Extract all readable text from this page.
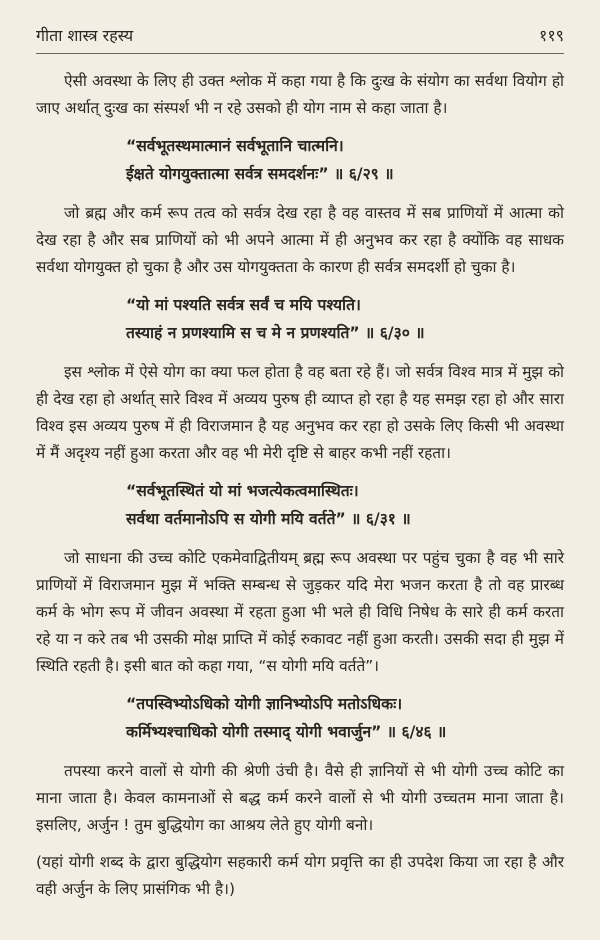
गीता शास्त्र रहस्य	११९

ऐसी अवस्था के लिए ही उक्त श्लोक में कहा गया है कि दुःख के संयोग का सर्वथा वियोग हो जाए अर्थात् दुःख का संस्पर्श भी न रहे उसको ही योग नाम से कहा जाता है।

“सर्वभूतस्थमात्मानं सर्वभूतानि चात्मनि।
ईक्षते योगयुक्तात्मा सर्वत्र समदर्शनः” ॥ ६/२९ ॥

जो ब्रह्म और कर्म रूप तत्व को सर्वत्र देख रहा है वह वास्तव में सब प्राणियों में आत्मा को देख रहा है और सब प्राणियों को भी अपने आत्मा में ही अनुभव कर रहा है क्योंकि वह साधक सर्वथा योगयुक्त हो चुका है और उस योगयुक्तता के कारण ही सर्वत्र समदर्शी हो चुका है।

“यो मां पश्यति सर्वत्र सर्वं च मयि पश्यति।
तस्याहं न प्रणश्यामि स च मे न प्रणश्यति” ॥ ६/३० ॥

इस श्लोक में ऐसे योग का क्या फल होता है वह बता रहे हैं। जो सर्वत्र विश्व मात्र में मुझ को ही देख रहा हो अर्थात् सारे विश्व में अव्यय पुरुष ही व्याप्त हो रहा है यह समझ रहा हो और सारा विश्व इस अव्यय पुरुष में ही विराजमान है यह अनुभव कर रहा हो उसके लिए किसी भी अवस्था में मैं अदृश्य नहीं हुआ करता और वह भी मेरी दृष्टि से बाहर कभी नहीं रहता।

“सर्वभूतस्थितं यो मां भजत्येकत्वमास्थितः।
सर्वथा वर्तमानोऽपि स योगी मयि वर्तते” ॥ ६/३१ ॥

जो साधना की उच्च कोटि एकमेवाद्वितीयम् ब्रह्म रूप अवस्था पर पहुंच चुका है वह भी सारे प्राणियों में विराजमान मुझ में भक्ति सम्बन्ध से जुड़कर यदि मेरा भजन करता है तो वह प्रारब्ध कर्म के भोग रूप में जीवन अवस्था में रहता हुआ भी भले ही विधि निषेध के सारे ही कर्म करता रहे या न करे तब भी उसकी मोक्ष प्राप्ति में कोई रुकावट नहीं हुआ करती। उसकी सदा ही मुझ में स्थिति रहती है। इसी बात को कहा गया, “स योगी मयि वर्तते”।

“तपस्विभ्योऽधिको योगी ज्ञानिभ्योऽपि मतोऽधिकः।
कर्मिभ्यश्चाधिको योगी तस्माद् योगी भवार्जुन” ॥ ६/४६ ॥

तपस्या करने वालों से योगी की श्रेणी उंची है। वैसे ही ज्ञानियों से भी योगी उच्च कोटि का माना जाता है। केवल कामनाओं से बद्ध कर्म करने वालों से भी योगी उच्चतम माना जाता है। इसलिए, अर्जुन ! तुम बुद्धियोग का आश्रय लेते हुए योगी बनो।

(यहां योगी शब्द के द्वारा बुद्धियोग सहकारी कर्म योग प्रवृत्ति का ही उपदेश किया जा रहा है और वही अर्जुन के लिए प्रासंगिक भी है।)
